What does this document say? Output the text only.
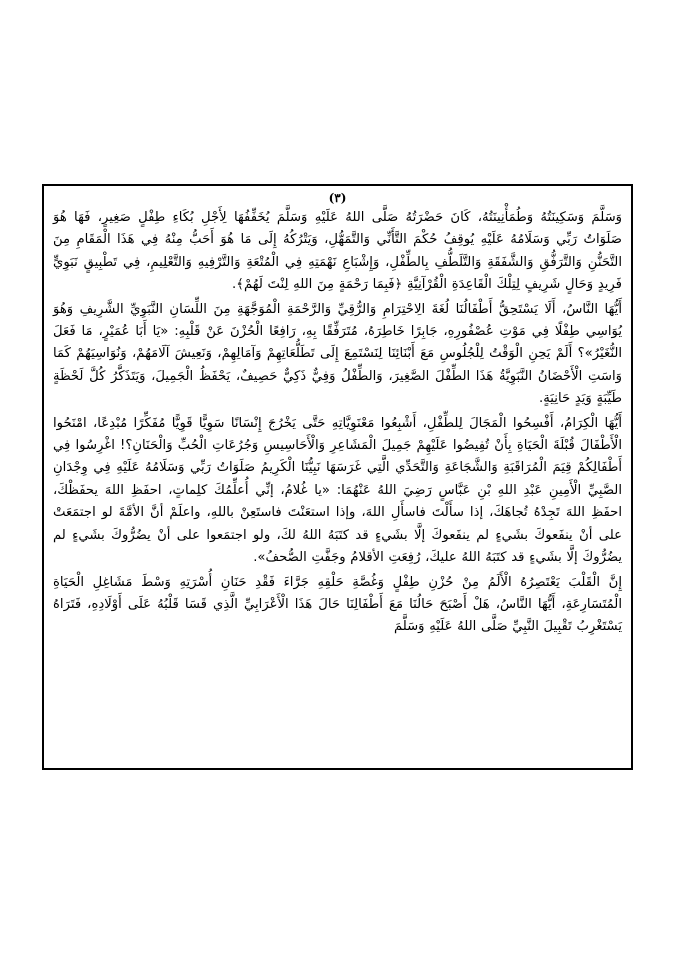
(٣)

وَسَلَّمَ وَسَكِينَتُهُ وَطُمَأْنِينَتُهُ، كَانَ حَضْرَتُهُ صَلَّى اللهُ عَلَيْهِ وَسَلَّمَ يُخَفِّفُهَا لِأَجْلِ بُكَاءِ طِفْلٍ صَغِيرٍ، فَهَا هُوَ صَلَوَاتُ رَبِّي وَسَلَامُهُ عَلَيْهِ يُوقِفُ حُكْمَ التَّأَنِّي وَالتَّمَهُّلِ، وَيَتْرُكُهُ إِلَى مَا هُوَ أَحَبُّ مِنْهُ فِي هَذَا الْمَقَامِ مِنَ التَّحَنُّنِ وَالتَّرَفُّقِ وَالشَّفَقَةِ وَالتَّلَطُّفِ بِالطِّفْلِ، وَإِشْبَاعِ نَهْمَتِهِ فِي الْمُتْعَةِ وَالتَّرْفِيهِ وَالتَّعْلِيمِ، فِي تَطْبِيقٍ نَبَوِيٍّ فَرِيدٍ وَحَالٍ شَرِيفٍ لِتِلْكَ الْقَاعِدَةِ الْقُرْآنِيَّةِ ﴿فَبِمَا رَحْمَةٍ مِنَ اللهِ لِنْتَ لَهُمْ﴾.

أَيُّهَا النَّاسُ، أَلَا يَسْتَحِقُّ أَطْفَالُنَا لُغَةَ الِاحْتِرَامِ وَالرُّقِيِّ وَالرَّحْمَةِ الْمُوَجَّهَةِ مِنَ اللِّسَانِ النَّبَوِيِّ الشَّرِيفِ وَهُوَ يُوَاسِي طِفْلًا فِي مَوْتِ عُصْفُورِهِ، جَابِرًا خَاطِرَهُ، مُتَرَفِّقًا بِهِ، رَافِعًا الْحُزْنَ عَنْ قَلْبِهِ: «يَا أَبَا عُمَيْرٍ، مَا فَعَلَ النُّغَيْرُ»؟ أَلَمْ يَحِنِ الْوَقْتُ لِلْجُلُوسِ مَعَ أَبْنَائِنَا لِنَسْتَمِعَ إِلَى تَطَلُّعَاتِهِمْ وَآمَالِهِمْ، وَنَعِيشَ آلَامَهُمْ، وَنُوَاسِيَهُمْ كَمَا وَاسَتِ الْأَحْضَانُ النَّبَوِيَّةُ هَذَا الطِّفْلَ الصَّغِيرَ، وَالطِّفْلُ وَفِيٌّ ذَكِيٌّ حَصِيفٌ، يَحْفَظُ الْجَمِيلَ، وَيَتَذَكَّرُ كُلَّ لَحْظَةٍ طَيِّبَةٍ وَيَدٍ حَانِيَةٍ.

أَيُّهَا الْكِرَامُ، أَفْسِحُوا الْمَجَالَ لِلطِّفْلِ، أَشْبِعُوا مَعْنَوِيَّاتِهِ حَتَّى يَخْرُجَ إِنْسَانًا سَوِيًّا قَوِيًّا مُفَكِّرًا مُبْدِعًا، امْنَحُوا الْأَطْفَالَ قُبْلَةَ الْحَيَاةِ بِأَنْ تُفِيضُوا عَلَيْهِمْ جَمِيلَ الْمَشَاعِرِ وَالْأَحَاسِيسِ وَجُرُعَاتِ الْحُبِّ وَالْحَنَانِ؟! اغْرِسُوا فِي أَطْفَالِكُمْ قِيَمَ الْمُرَاقَبَةِ وَالشَّجَاعَةِ وَالتَّحَدِّي الَّتِي غَرَسَهَا نَبِيُّنَا الْكَرِيمُ صَلَوَاتُ رَبِّي وَسَلَامُهُ عَلَيْهِ فِي وِجْدَانِ الصَّبِيِّ الْأَمِينِ عَبْدِ اللهِ بْنِ عَبَّاسٍ رَضِيَ اللهُ عَنْهُمَا: «يا غُلامُ، إنِّي أُعلِّمُكَ كلِماتٍ، احفَظِ اللهَ يحفَظْكَ، احفَظِ اللهَ تَجِدْهُ تُجاهَكَ، إذا سأَلْتَ فاسأَلِ اللهَ، وإذا استعَنْتَ فاستَعِنْ باللهِ، واعلَمْ أنَّ الأمَّةَ لو اجتمَعَتْ على أنْ ينفَعوكَ بشَيءٍ لم ينفَعوكَ إلَّا بشَيءٍ قد كتَبَهُ اللهُ لكَ، ولو اجتمَعوا على أنْ يضُرُّوكَ بشَيءٍ لم يضُرُّوكَ إلَّا بشَيءٍ قد كتَبَهُ اللهُ عليكَ، رُفِعَتِ الأقلامُ وجَفَّتِ الصُّحفُ».

إِنَّ الْقَلْبَ يَعْتَصِرُهُ الْأَلَمُ مِنْ حُزْنِ طِفْلٍ وَغُصَّةِ حَلْقِهِ جَرَّاءَ فَقْدِ حَنَانِ أُسْرَتِهِ وَسْطَ مَشَاغِلِ الْحَيَاةِ الْمُتَسَارِعَةِ، أَيُّهَا النَّاسُ، هَلْ أَصْبَحَ حَالُنَا مَعَ أَطْفَالِنَا حَالَ هَذَا الْأَعْرَابِيِّ الَّذِي قَسَا قَلْبُهُ عَلَى أَوْلَادِهِ، فَتَرَاهُ يَسْتَغْرِبُ تَقْبِيلَ النَّبِيِّ صَلَّى اللهُ عَلَيْهِ وَسَلَّمَ
